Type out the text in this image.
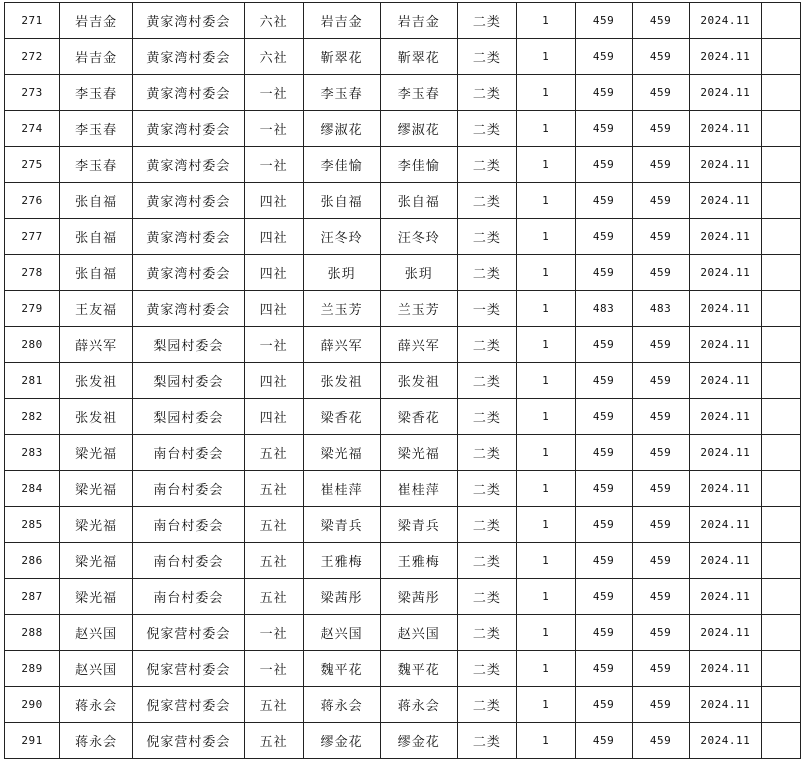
271	岩吉金	黄家湾村委会	六社	岩吉金	岩吉金	二类	1	459	459	2024.11	
272	岩吉金	黄家湾村委会	六社	靳翠花	靳翠花	二类	1	459	459	2024.11	
273	李玉春	黄家湾村委会	一社	李玉春	李玉春	二类	1	459	459	2024.11	
274	李玉春	黄家湾村委会	一社	缪淑花	缪淑花	二类	1	459	459	2024.11	
275	李玉春	黄家湾村委会	一社	李佳愉	李佳愉	二类	1	459	459	2024.11	
276	张自福	黄家湾村委会	四社	张自福	张自福	二类	1	459	459	2024.11	
277	张自福	黄家湾村委会	四社	汪冬玲	汪冬玲	二类	1	459	459	2024.11	
278	张自福	黄家湾村委会	四社	张玥	张玥	二类	1	459	459	2024.11	
279	王友福	黄家湾村委会	四社	兰玉芳	兰玉芳	一类	1	483	483	2024.11	
280	薛兴军	梨园村委会	一社	薛兴军	薛兴军	二类	1	459	459	2024.11	
281	张发祖	梨园村委会	四社	张发祖	张发祖	二类	1	459	459	2024.11	
282	张发祖	梨园村委会	四社	梁香花	梁香花	二类	1	459	459	2024.11	
283	梁光福	南台村委会	五社	梁光福	梁光福	二类	1	459	459	2024.11	
284	梁光福	南台村委会	五社	崔桂萍	崔桂萍	二类	1	459	459	2024.11	
285	梁光福	南台村委会	五社	梁青兵	梁青兵	二类	1	459	459	2024.11	
286	梁光福	南台村委会	五社	王雅梅	王雅梅	二类	1	459	459	2024.11	
287	梁光福	南台村委会	五社	梁茜彤	梁茜彤	二类	1	459	459	2024.11	
288	赵兴国	倪家营村委会	一社	赵兴国	赵兴国	二类	1	459	459	2024.11	
289	赵兴国	倪家营村委会	一社	魏平花	魏平花	二类	1	459	459	2024.11	
290	蒋永会	倪家营村委会	五社	蒋永会	蒋永会	二类	1	459	459	2024.11	
291	蒋永会	倪家营村委会	五社	缪金花	缪金花	二类	1	459	459	2024.11	
